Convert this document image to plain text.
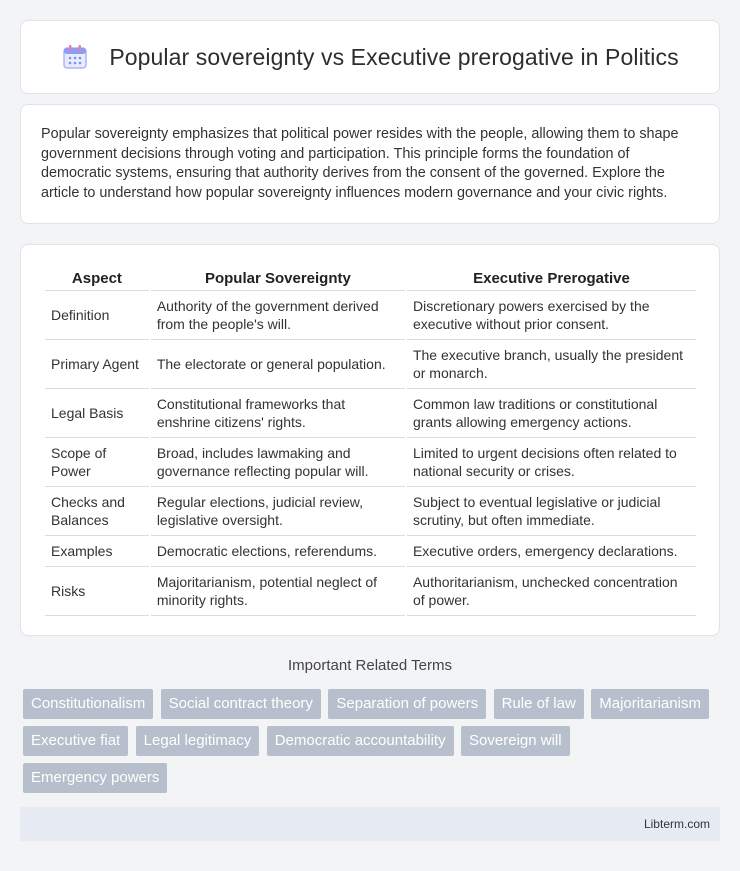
Popular sovereignty vs Executive prerogative in Politics

Popular sovereignty emphasizes that political power resides with the people, allowing them to shape government decisions through voting and participation. This principle forms the foundation of democratic systems, ensuring that authority derives from the consent of the governed. Explore the article to understand how popular sovereignty influences modern governance and your civic rights.

Aspect	Popular Sovereignty	Executive Prerogative
Definition	Authority of the government derived from the people's will.	Discretionary powers exercised by the executive without prior consent.
Primary Agent	The electorate or general population.	The executive branch, usually the president or monarch.
Legal Basis	Constitutional frameworks that enshrine citizens' rights.	Common law traditions or constitutional grants allowing emergency actions.
Scope of Power	Broad, includes lawmaking and governance reflecting popular will.	Limited to urgent decisions often related to national security or crises.
Checks and Balances	Regular elections, judicial review, legislative oversight.	Subject to eventual legislative or judicial scrutiny, but often immediate.
Examples	Democratic elections, referendums.	Executive orders, emergency declarations.
Risks	Majoritarianism, potential neglect of minority rights.	Authoritarianism, unchecked concentration of power.
Important Related Terms
Constitutionalism Social contract theory Separation of powers Rule of law Majoritarianism Executive fiat Legal legitimacy Democratic accountability Sovereign will Emergency powers
Libterm.com
